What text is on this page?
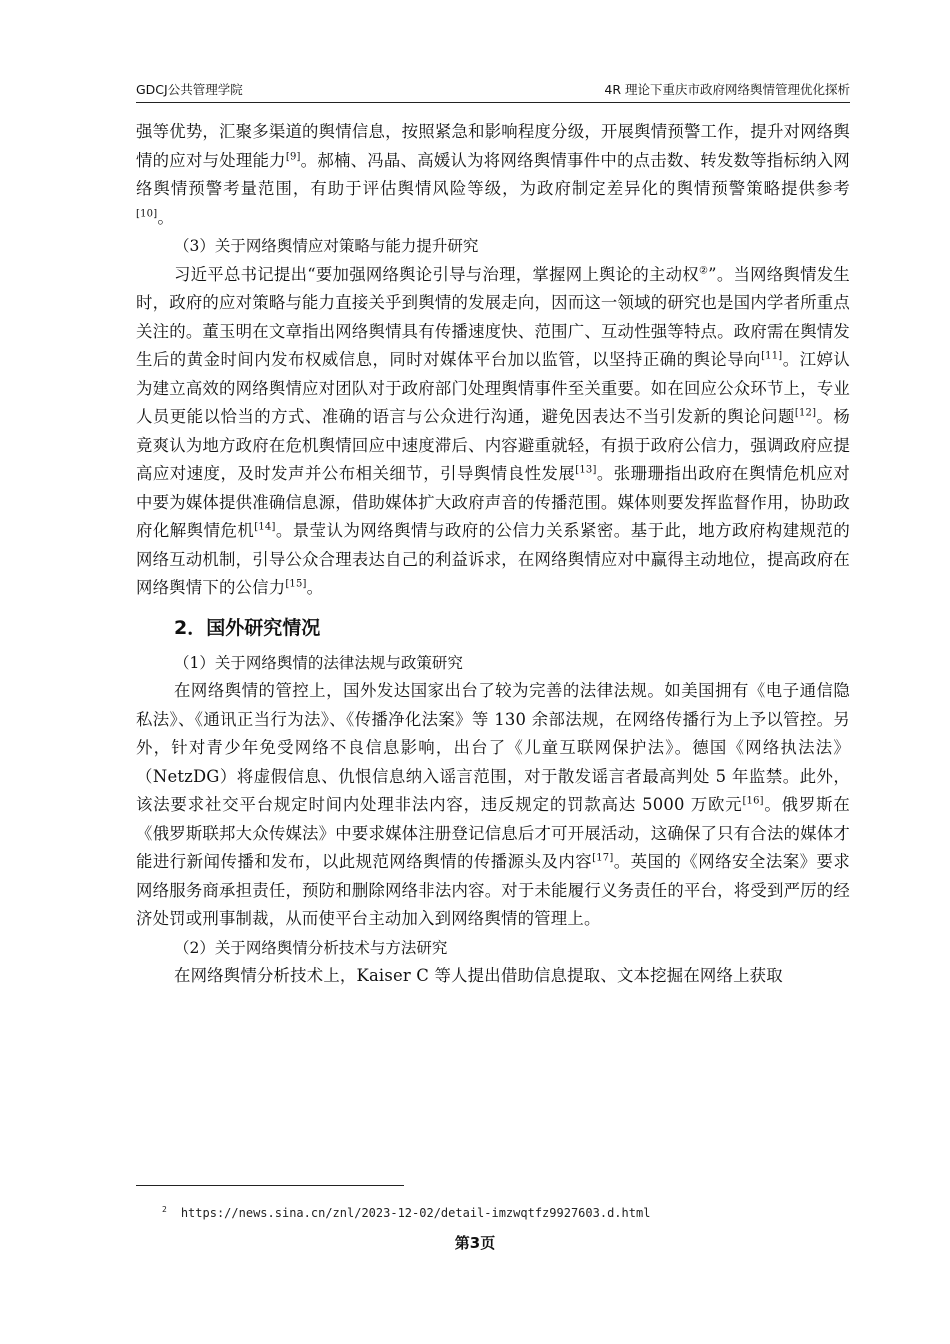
GDCJ公共管理学院	4R 理论下重庆市政府网络舆情管理优化探析

强等优势，汇聚多渠道的舆情信息，按照紧急和影响程度分级，开展舆情预警工作，提升对网络舆情的应对与处理能力[9]。郝楠、冯晶、高媛认为将网络舆情事件中的点击数、转发数等指标纳入网络舆情预警考量范围，有助于评估舆情风险等级，为政府制定差异化的舆情预警策略提供参考[10]。

（3）关于网络舆情应对策略与能力提升研究

习近平总书记提出“要加强网络舆论引导与治理，掌握网上舆论的主动权②”。当网络舆情发生时，政府的应对策略与能力直接关乎到舆情的发展走向，因而这一领域的研究也是国内学者所重点关注的。董玉明在文章指出网络舆情具有传播速度快、范围广、互动性强等特点。政府需在舆情发生后的黄金时间内发布权威信息，同时对媒体平台加以监管，以坚持正确的舆论导向[11]。江婷认为建立高效的网络舆情应对团队对于政府部门处理舆情事件至关重要。如在回应公众环节上，专业人员更能以恰当的方式、准确的语言与公众进行沟通，避免因表达不当引发新的舆论问题[12]。杨竟爽认为地方政府在危机舆情回应中速度滞后、内容避重就轻，有损于政府公信力，强调政府应提高应对速度，及时发声并公布相关细节，引导舆情良性发展[13]。张珊珊指出政府在舆情危机应对中要为媒体提供准确信息源，借助媒体扩大政府声音的传播范围。媒体则要发挥监督作用，协助政府化解舆情危机[14]。景莹认为网络舆情与政府的公信力关系紧密。基于此，地方政府构建规范的网络互动机制，引导公众合理表达自己的利益诉求，在网络舆情应对中赢得主动地位，提高政府在网络舆情下的公信力[15]。

2．国外研究情况

（1）关于网络舆情的法律法规与政策研究

在网络舆情的管控上，国外发达国家出台了较为完善的法律法规。如美国拥有《电子通信隐私法》、《通讯正当行为法》、《传播净化法案》等 130 余部法规，在网络传播行为上予以管控。另外，针对青少年免受网络不良信息影响，出台了《儿童互联网保护法》。德国《网络执法法》（NetzDG）将虚假信息、仇恨信息纳入谣言范围，对于散发谣言者最高判处 5 年监禁。此外，该法要求社交平台规定时间内处理非法内容，违反规定的罚款高达 5000 万欧元[16]。俄罗斯在《俄罗斯联邦大众传媒法》中要求媒体注册登记信息后才可开展活动，这确保了只有合法的媒体才能进行新闻传播和发布，以此规范网络舆情的传播源头及内容[17]。英国的《网络安全法案》要求网络服务商承担责任，预防和删除网络非法内容。对于未能履行义务责任的平台，将受到严厉的经济处罚或刑事制裁，从而使平台主动加入到网络舆情的管理上。

（2）关于网络舆情分析技术与方法研究

在网络舆情分析技术上，Kaiser C 等人提出借助信息提取、文本挖掘在网络上获取

$^2$ https://news.sina.cn/znl/2023-12-02/detail-imzwqtfz9927603.d.html
第3页
